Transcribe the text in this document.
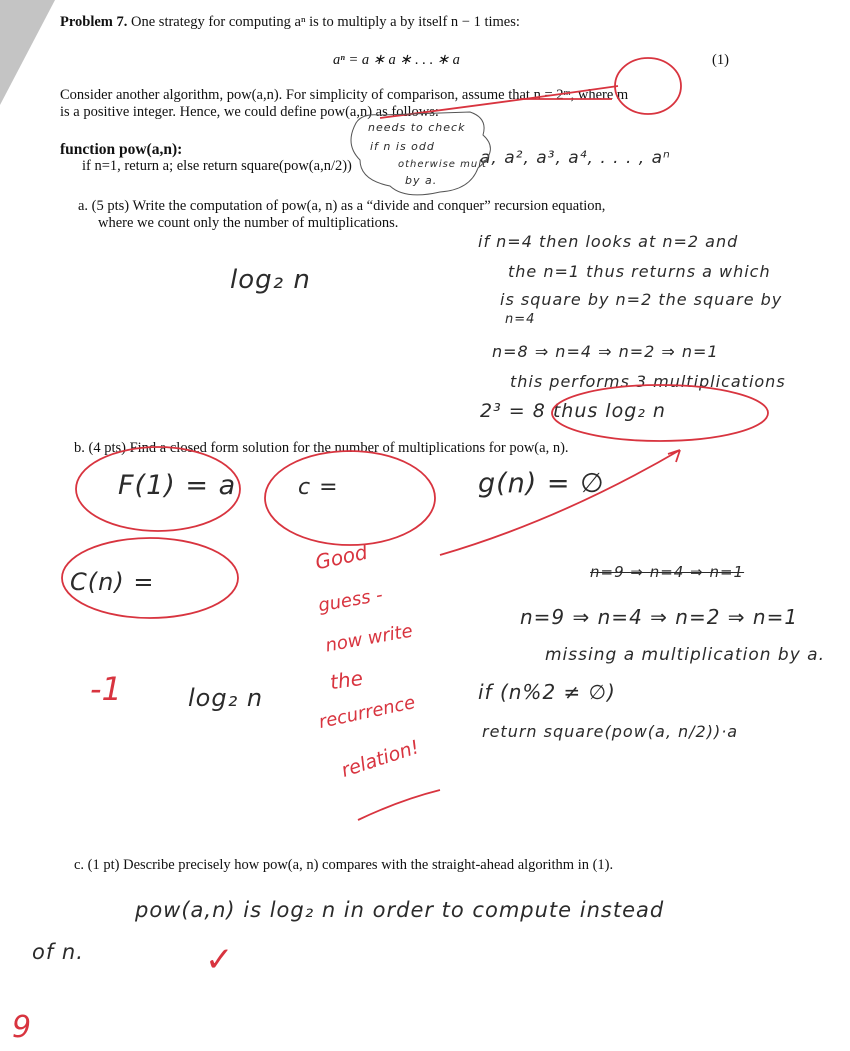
Problem 7. One strategy for computing aⁿ is to multiply a by itself n − 1 times:
aⁿ = a ∗ a ∗ . . . ∗ a	(1)
Consider another algorithm, pow(a,n). For simplicity of comparison, assume that n = 2ᵐ, where m
is a positive integer. Hence, we could define pow(a,n) as follows:
function pow(a,n):
if n=1, return a; else return square(pow(a,n/2))
a. (5 pts) Write the computation of pow(a, n) as a “divide and conquer” recursion equation,
where we count only the number of multiplications.
b. (4 pts) Find a closed form solution for the number of multiplications for pow(a, n).
c. (1 pt) Describe precisely how pow(a, n) compares with the straight-ahead algorithm in (1).
a, a², a³, a⁴, . . . , aⁿ
log₂ n
if n=4 then looks at n=2 and
the n=1 thus returns a which
is square by n=2 the square by
n=4
n=8 ⇒ n=4 ⇒ n=2 ⇒ n=1
this performs 3 multiplications
2³ = 8 thus log₂ n
F(1) = a	c =	g(n) = ∅
C(n) =
log₂ n
n=9 ⇒ n=4 ⇒ n=1
n=9 ⇒ n=4 ⇒ n=2 ⇒ n=1
missing a multiplication by a.
if (n%2 ≠ ∅)
return square(pow(a, n/2))·a
pow(a,n) is log₂ n in order to compute instead
of n.
needs to check
if n is odd
otherwise mult
by a.
-1
Good
guess -
now write
the
recurrence
relation!
✓
9
